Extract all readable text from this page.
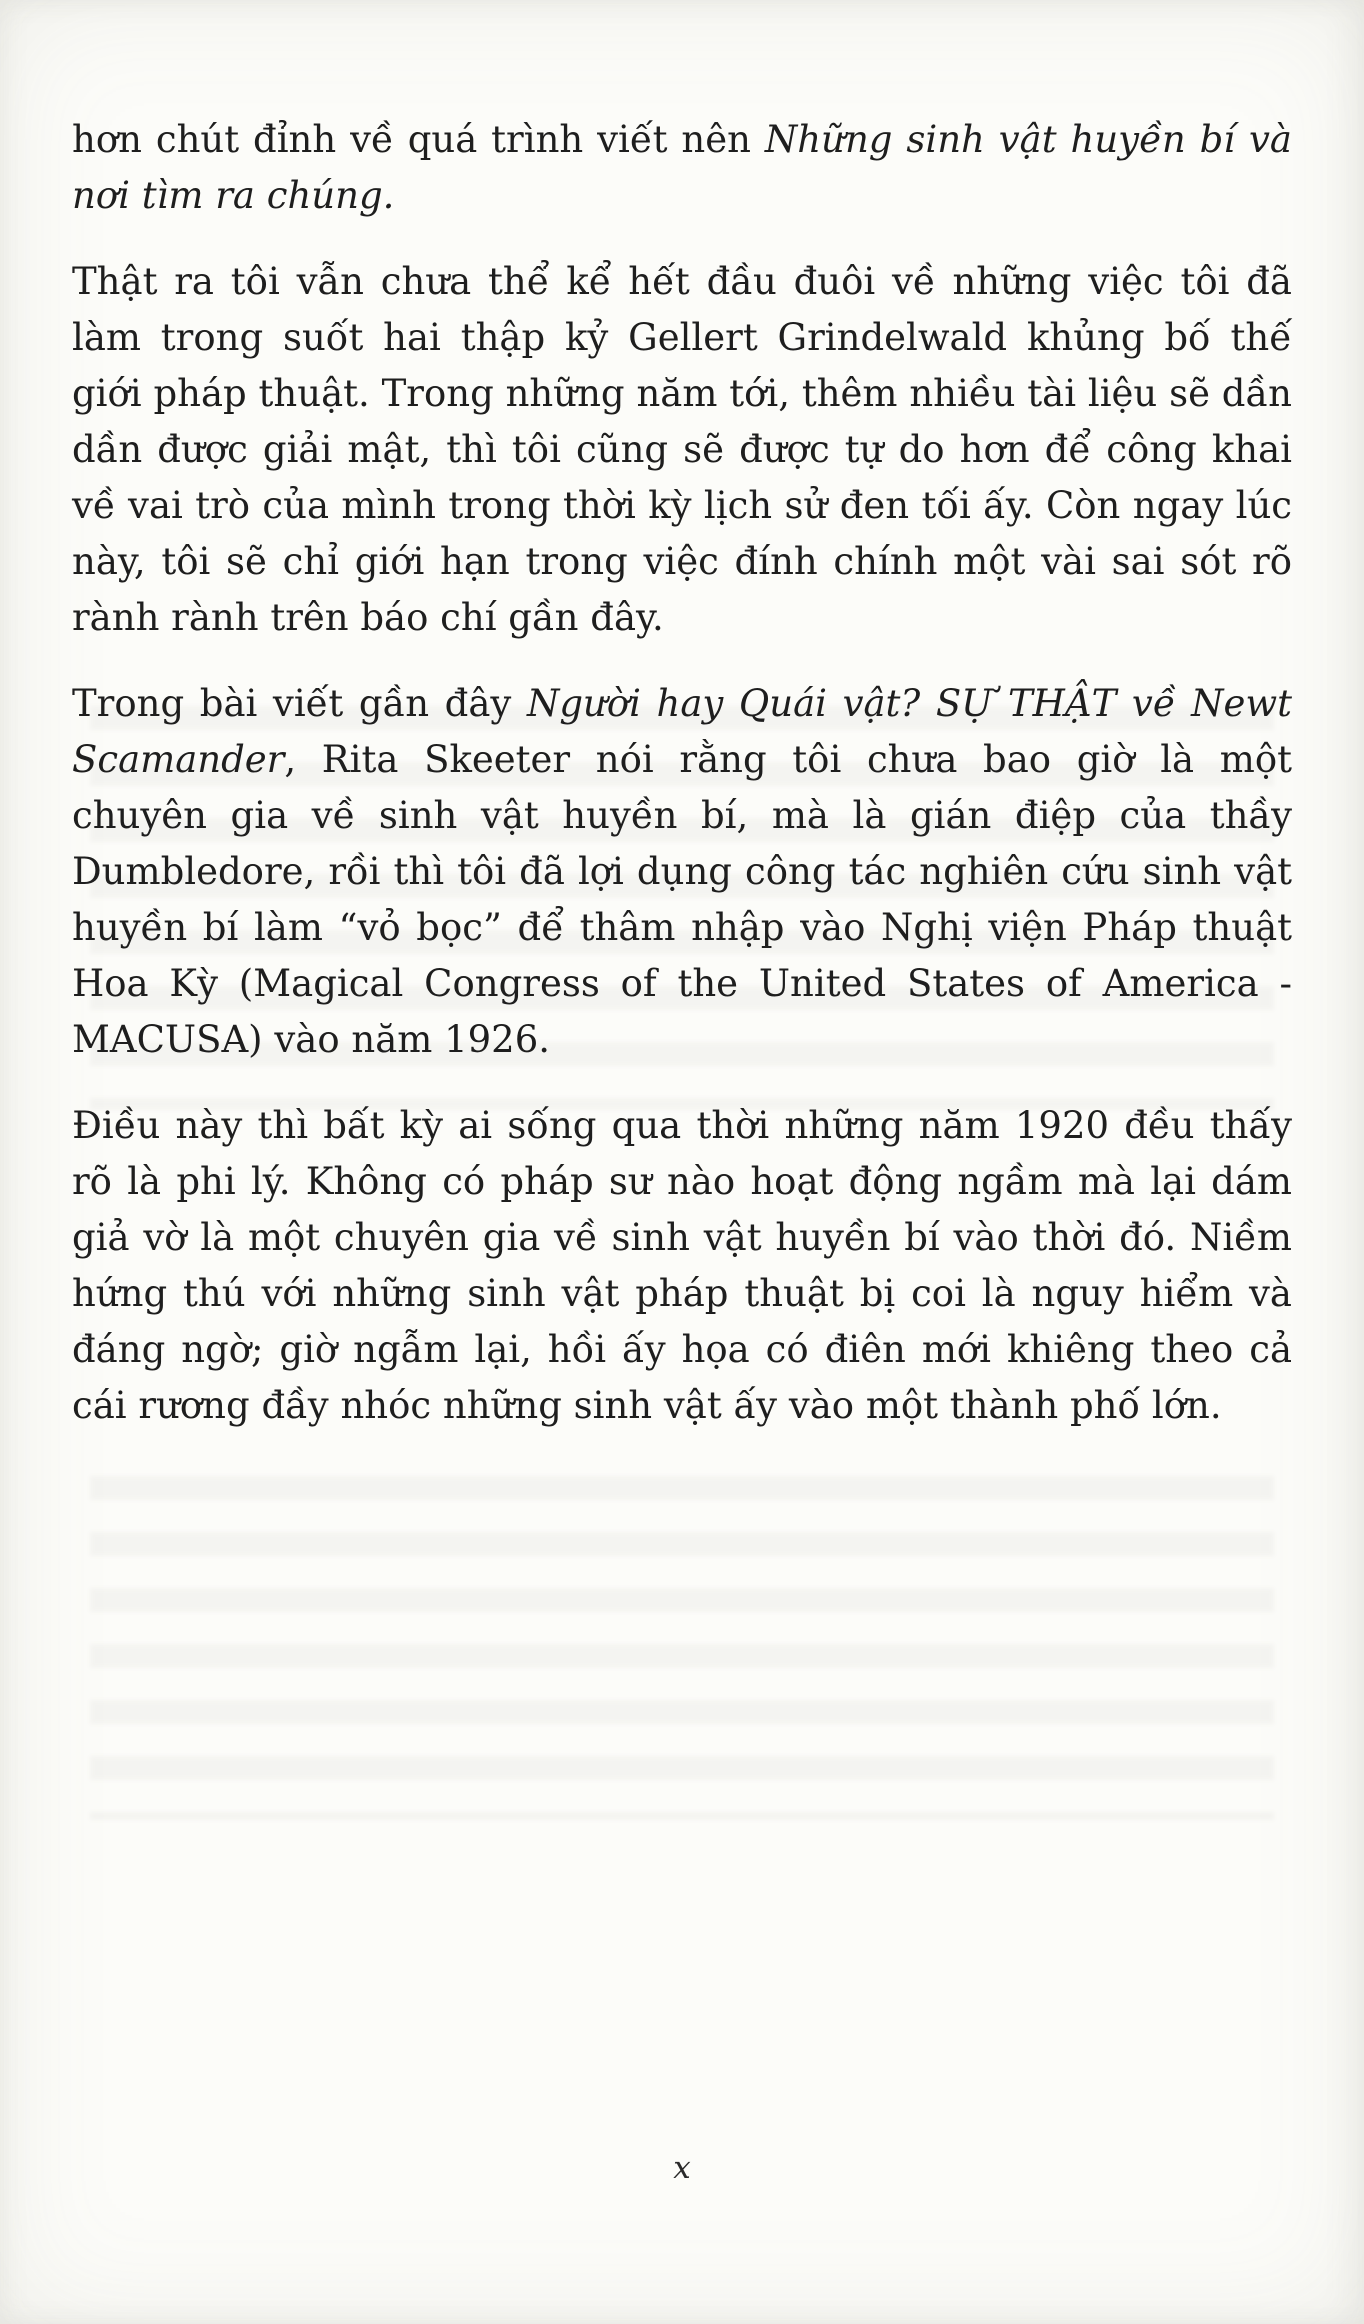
hơn chút đỉnh về quá trình viết nên Những sinh vật huyền bí và nơi tìm ra chúng.

Thật ra tôi vẫn chưa thể kể hết đầu đuôi về những việc tôi đã làm trong suốt hai thập kỷ Gellert Grindelwald khủng bố thế giới pháp thuật. Trong những năm tới, thêm nhiều tài liệu sẽ dần dần được giải mật, thì tôi cũng sẽ được tự do hơn để công khai về vai trò của mình trong thời kỳ lịch sử đen tối ấy. Còn ngay lúc này, tôi sẽ chỉ giới hạn trong việc đính chính một vài sai sót rõ rành rành trên báo chí gần đây.

Trong bài viết gần đây Người hay Quái vật? SỰ THẬT về Newt Scamander, Rita Skeeter nói rằng tôi chưa bao giờ là một chuyên gia về sinh vật huyền bí, mà là gián điệp của thầy Dumbledore, rồi thì tôi đã lợi dụng công tác nghiên cứu sinh vật huyền bí làm “vỏ bọc” để thâm nhập vào Nghị viện Pháp thuật Hoa Kỳ (Magical Congress of the United States of America - MACUSA) vào năm 1926.

Điều này thì bất kỳ ai sống qua thời những năm 1920 đều thấy rõ là phi lý. Không có pháp sư nào hoạt động ngầm mà lại dám giả vờ là một chuyên gia về sinh vật huyền bí vào thời đó. Niềm hứng thú với những sinh vật pháp thuật bị coi là nguy hiểm và đáng ngờ; giờ ngẫm lại, hồi ấy họa có điên mới khiêng theo cả cái rương đầy nhóc những sinh vật ấy vào một thành phố lớn.

x
